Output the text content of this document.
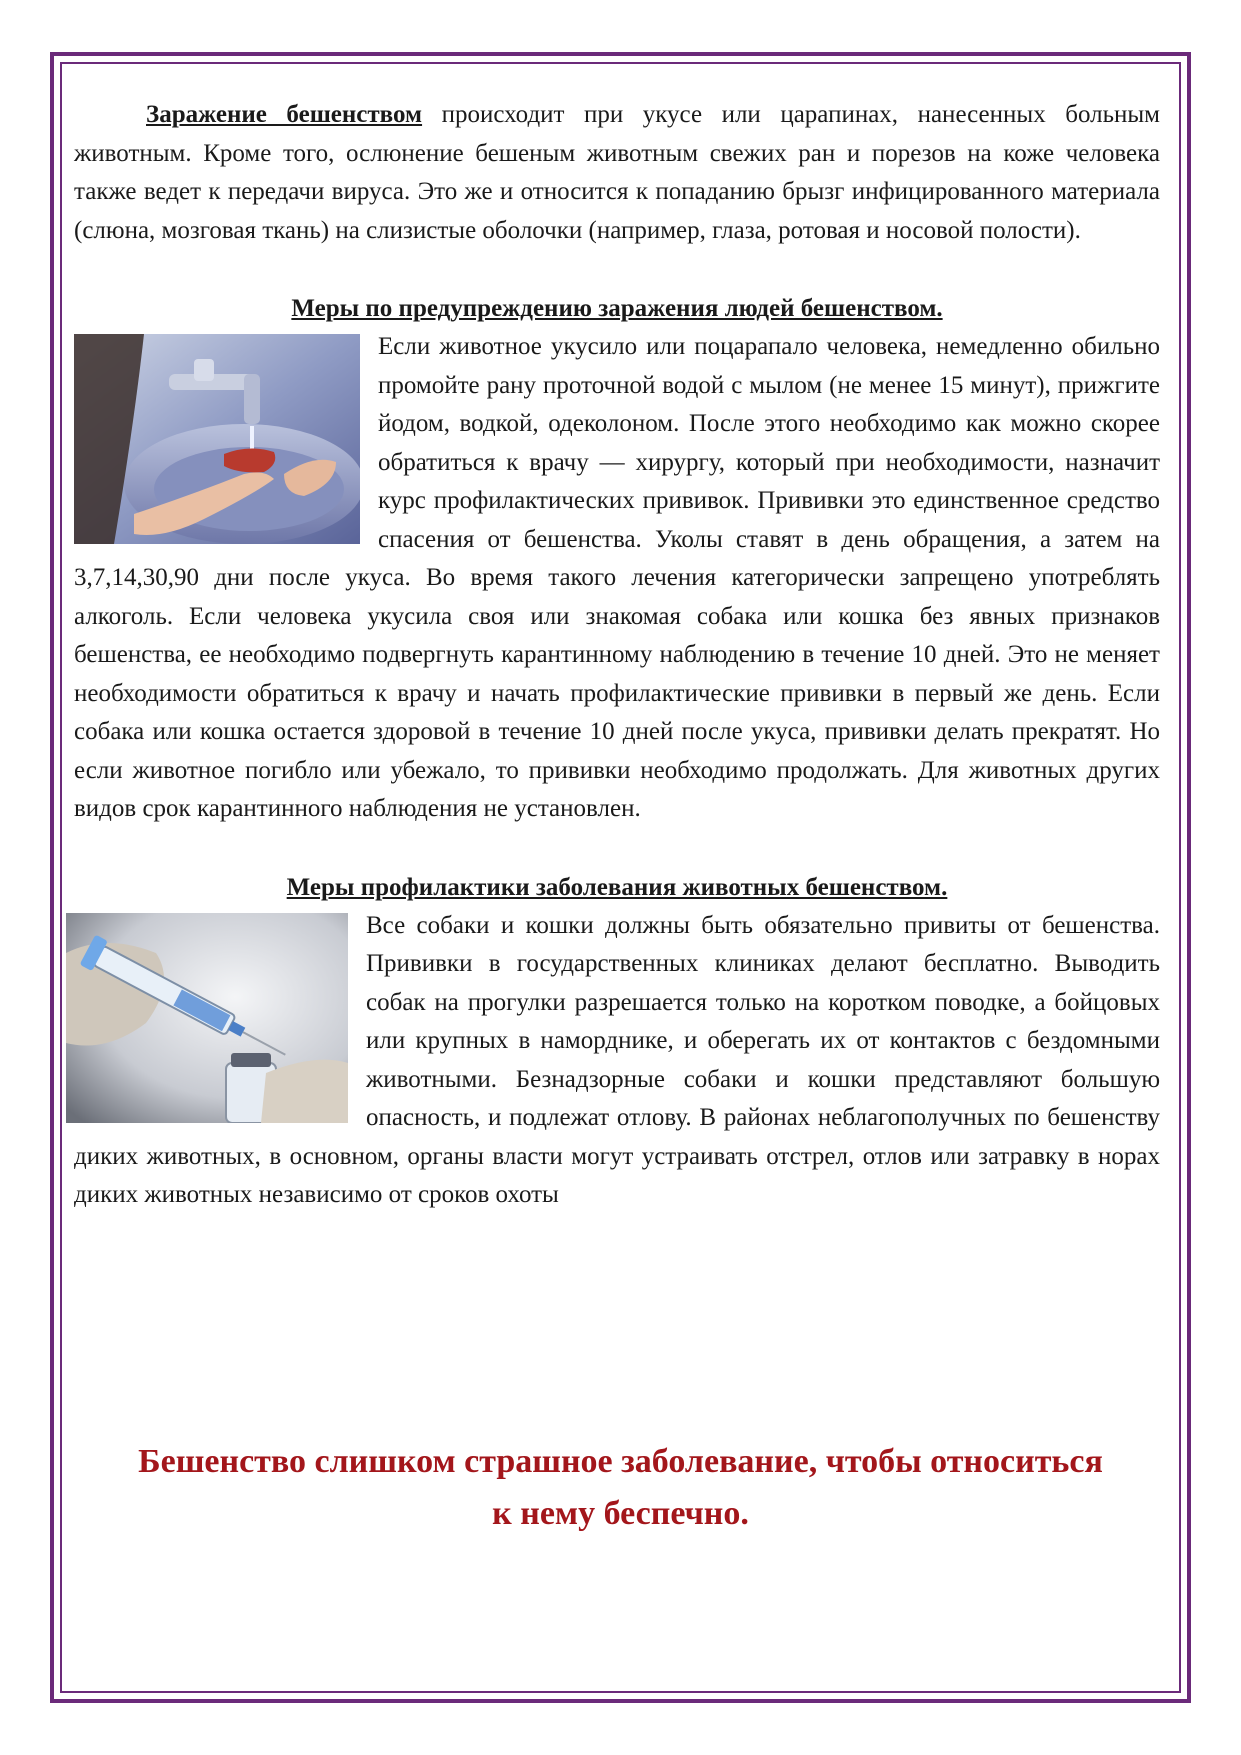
Заражение бешенством происходит при укусе или царапинах, нанесенных больным животным. Кроме того, ослюнение бешеным животным свежих ран и порезов на коже человека также ведет к передачи вируса. Это же и относится к попаданию брызг инфицированного материала (слюна, мозговая ткань) на слизистые оболочки (например, глаза, ротовая и носовой полости).

Меры по предупреждению заражения людей бешенством.

Если животное укусило или поцарапало человека, немедленно обильно промойте рану проточной водой с мылом (не менее 15 минут), прижгите йодом, водкой, одеколоном. После этого необходимо как можно скорее обратиться к врачу — хирургу, который при необходимости, назначит курс профилактических прививок. Прививки это единственное средство спасения от бешенства. Уколы ставят в день обращения, а затем на 3,7,14,30,90 дни после укуса. Во время такого лечения категорически запрещено употреблять алкоголь. Если человека укусила своя или знакомая собака или кошка без явных признаков бешенства, ее необходимо подвергнуть карантинному наблюдению в течение 10 дней. Это не меняет необходимости обратиться к врачу и начать профилактические прививки в первый же день. Если собака или кошка остается здоровой в течение 10 дней после укуса, прививки делать прекратят. Но если животное погибло или убежало, то прививки необходимо продолжать. Для животных других видов срок карантинного наблюдения не установлен.

Меры профилактики заболевания животных бешенством.

Все собаки и кошки должны быть обязательно привиты от бешенства. Прививки в государственных клиниках делают бесплатно. Выводить собак на прогулки разрешается только на коротком поводке, а бойцовых или крупных в наморднике, и оберегать их от контактов с бездомными животными. Безнадзорные собаки и кошки представляют большую опасность, и подлежат отлову. В районах неблагополучных по бешенству диких животных, в основном, органы власти могут устраивать отстрел, отлов или затравку в норах диких животных независимо от сроков охоты
Бешенство слишком страшное заболевание, чтобы относиться
к нему беспечно.
